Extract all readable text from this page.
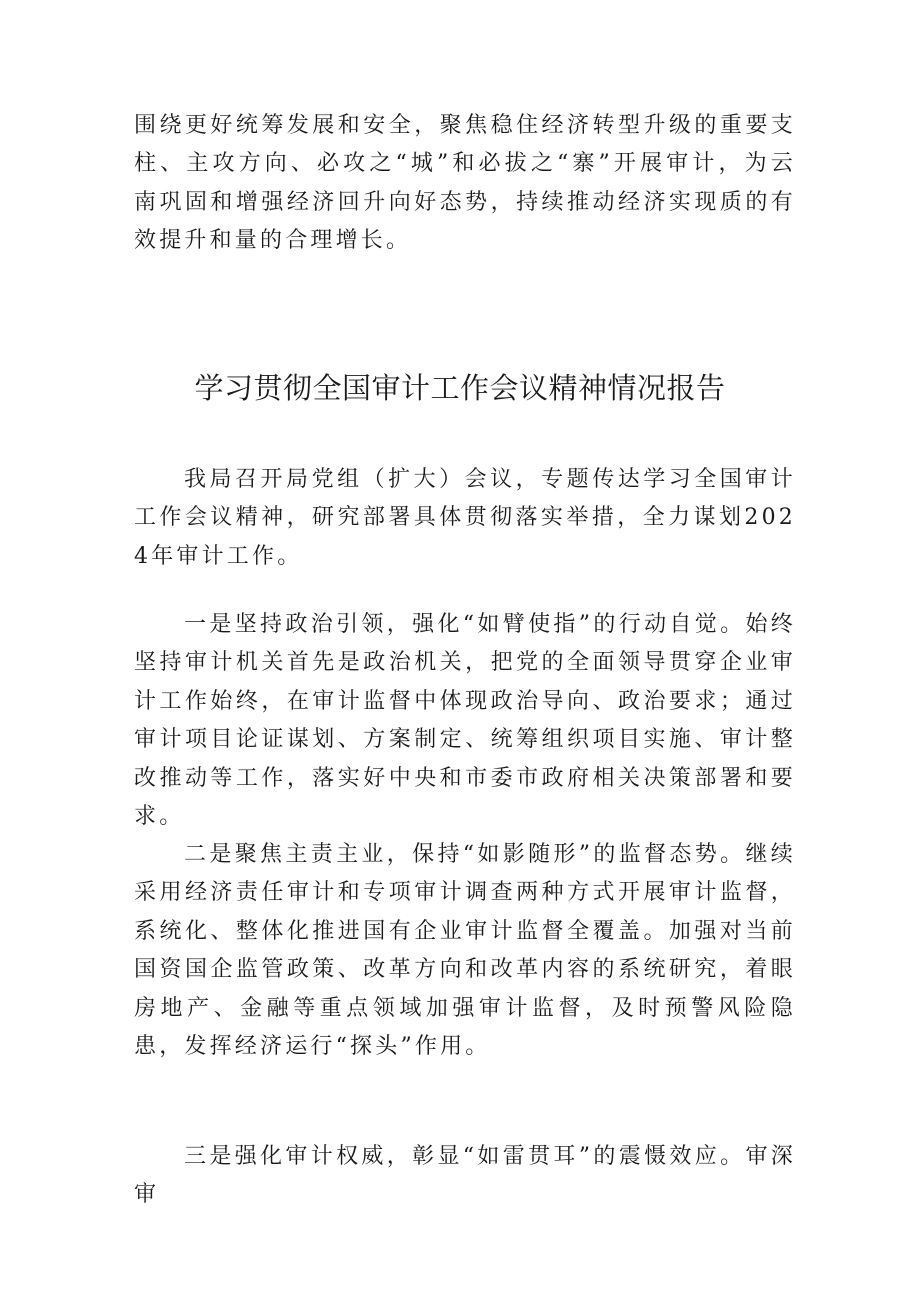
围绕更好统筹发展和安全，聚焦稳住经济转型升级的重要支柱、主攻方向、必攻之“城”和必拔之“寨”开展审计，为云南巩固和增强经济回升向好态势，持续推动经济实现质的有效提升和量的合理增长。

学习贯彻全国审计工作会议精神情况报告

我局召开局党组（扩大）会议，专题传达学习全国审计工作会议精神，研究部署具体贯彻落实举措，全力谋划2024年审计工作。

一是坚持政治引领，强化“如臂使指”的行动自觉。始终坚持审计机关首先是政治机关，把党的全面领导贯穿企业审计工作始终，在审计监督中体现政治导向、政治要求；通过审计项目论证谋划、方案制定、统筹组织项目实施、审计整改推动等工作，落实好中央和市委市政府相关决策部署和要求。

二是聚焦主责主业，保持“如影随形”的监督态势。继续采用经济责任审计和专项审计调查两种方式开展审计监督，系统化、整体化推进国有企业审计监督全覆盖。加强对当前国资国企监管政策、改革方向和改革内容的系统研究，着眼房地产、金融等重点领域加强审计监督，及时预警风险隐患，发挥经济运行“探头”作用。

三是强化审计权威，彰显“如雷贯耳”的震慑效应。审深审
